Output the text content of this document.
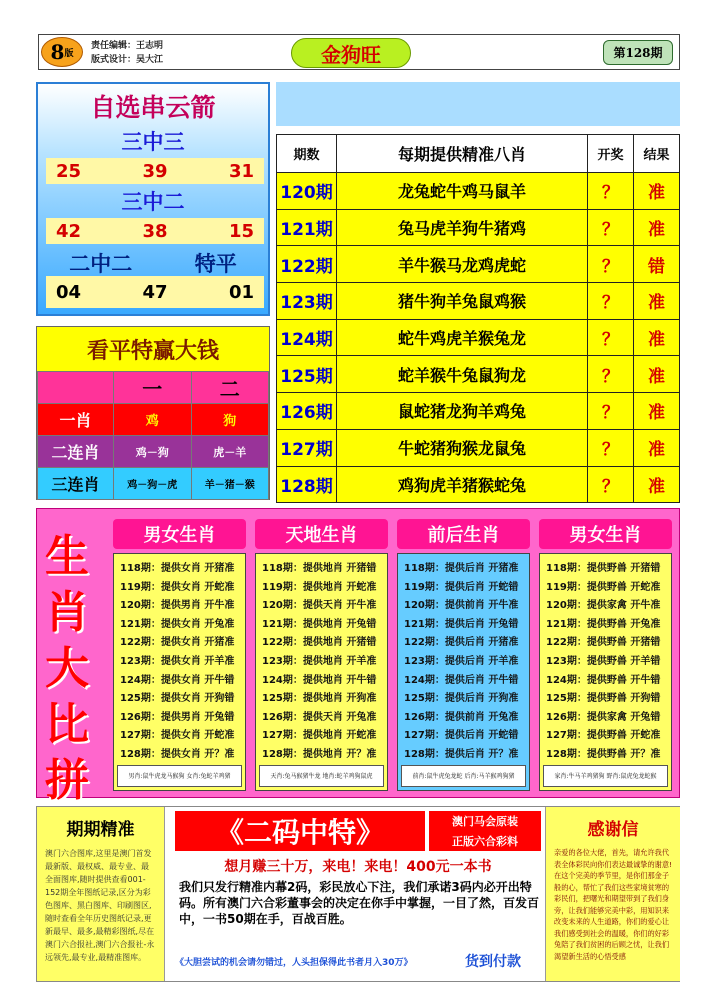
8 版
责任编辑：王志明
版式设计：吴大江	金狗旺	第128期
自选串云箭
三中三
25	39	31
三中二
42	38	15
二中二	特平
04	47	01
看平特赢大钱
	一	二
一肖	鸡	狗
二连肖	鸡－狗	虎－羊
三连肖	鸡－狗－虎	羊－猪－猴
期数	每期提供精准八肖	开奖	结果
120期	龙兔蛇牛鸡马鼠羊	？	准
121期	兔马虎羊狗牛猪鸡	？	准
122期	羊牛猴马龙鸡虎蛇	？	错
123期	猪牛狗羊兔鼠鸡猴	？	准
124期	蛇牛鸡虎羊猴兔龙	？	准
125期	蛇羊猴牛兔鼠狗龙	？	准
126期	鼠蛇猪龙狗羊鸡兔	？	准
127期	牛蛇猪狗猴龙鼠兔	？	准
128期	鸡狗虎羊猪猴蛇兔	？	准
生
肖
大
比
拼
男女生肖
118期：提供女肖 开猪准
119期：提供女肖 开蛇准
120期：提供男肖 开牛准
121期：提供女肖 开兔准
122期：提供女肖 开猪准
123期：提供女肖 开羊准
124期：提供女肖 开牛错
125期：提供女肖 开狗错
126期：提供男肖 开兔错
127期：提供女肖 开蛇准
128期：提供女肖 开？准
男肖:鼠牛虎龙马猴狗 女肖:兔蛇羊鸡猪
天地生肖
118期：提供地肖 开猪错
119期：提供地肖 开蛇准
120期：提供天肖 开牛准
121期：提供地肖 开兔错
122期：提供地肖 开猪错
123期：提供地肖 开羊准
124期：提供地肖 开牛错
125期：提供地肖 开狗准
126期：提供天肖 开兔准
127期：提供地肖 开蛇准
128期：提供地肖 开？准
天肖:兔马猴猪牛龙 地肖:蛇羊鸡狗鼠虎
前后生肖
118期：提供后肖 开猪准
119期：提供后肖 开蛇错
120期：提供前肖 开牛准
121期：提供后肖 开兔错
122期：提供后肖 开猪准
123期：提供后肖 开羊准
124期：提供后肖 开牛错
125期：提供后肖 开狗准
126期：提供前肖 开兔准
127期：提供后肖 开蛇错
128期：提供后肖 开？准
前肖:鼠牛虎兔龙蛇 后肖:马羊猴鸡狗猪
男女生肖
118期：提供野兽 开猪错
119期：提供野兽 开蛇准
120期：提供家禽 开牛准
121期：提供野兽 开兔准
122期：提供野兽 开猪错
123期：提供野兽 开羊错
124期：提供野兽 开牛错
125期：提供野兽 开狗错
126期：提供家禽 开兔错
127期：提供野兽 开蛇准
128期：提供野兽 开？准
家肖:牛马羊鸡猪狗 野肖:鼠虎兔龙蛇猴
期期精准
澳门六合图库,这里是澳门首发最新版、最权威、最专业、最全面图库,随时提供查看001-152期全年图纸记录,区分为彩色图库、黑白图库、印刷图区,随时查看全年历史图纸记录,更新最早、最多,最精彩图纸,尽在澳门六合报社,澳门六合报社-永远领先,最专业,最精准图库。
《二码中特》	澳门马会原装
正版六合彩料
想月赚三十万，来电！来电！400元一本书
我们只发行精准内幕2码，彩民放心下注，我们承诺3码内必开出特码。所有澳门六合彩董事会的决定在你手中掌握，一目了然，百发百中，一书50期在手，百战百胜。
《大胆尝试的机会请勿错过，人头担保得此书者月入30万》	货到付款
感谢信
亲爱的各位大佬，首先，请允许我代表全体彩民向你们表达最诚挚的谢意!在这个完美的季节里，是你们那金子般的心，帮忙了我们这些家境贫寒的彩民们，把曙光和期望带到了我们身旁，让我们能够完美中彩，用知识来改变未来的人生道路，你们的爱心让我们感受到社会的温暖，你们的好彩兔陪了我们贫困的后顾之忧，让我们渴望新生活的心悟受感
